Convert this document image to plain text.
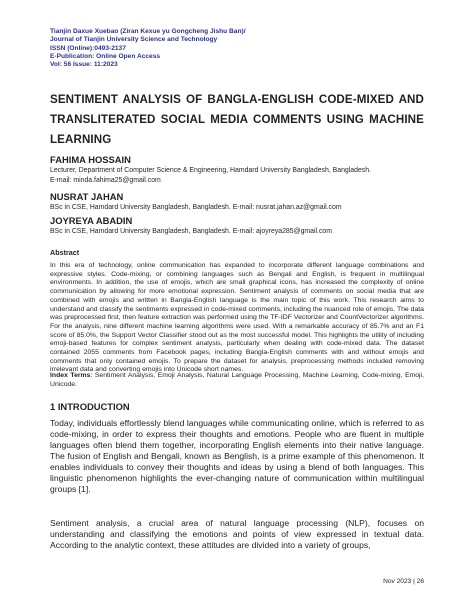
Tianjin Daxue Xuebao (Ziran Kexue yu Gongcheng Jishu Ban)/
Journal of Tianjin University Science and Technology
ISSN (Online):0493-2137
E-Publication: Online Open Access
Vol: 56 Issue: 11:2023
SENTIMENT ANALYSIS OF BANGLA-ENGLISH CODE-MIXED AND TRANSLITERATED SOCIAL MEDIA COMMENTS USING MACHINE LEARNING
FAHIMA HOSSAIN
Lecturer, Department of Computer Science & Engineering, Hamdard University Bangladesh, Bangladesh.
E-mail: minda.fahima25@gmail.com
NUSRAT JAHAN
BSc in CSE, Hamdard University Bangladesh, Bangladesh. E-mail: nusrat.jahan.az@gmail.com
JOYREYA ABADIN
BSc in CSE, Hamdard University Bangladesh, Bangladesh. E-mail: ajoyreya285@gmail.com
Abstract
In this era of technology, online communication has expanded to incorporate different language combinations and expressive styles. Code-mixing, or combining languages such as Bengali and English, is frequent in multilingual environments. In addition, the use of emojis, which are small graphical icons, has increased the complexity of online communication by allowing for more emotional expression. Sentiment analysis of comments on social media that are combined with emojis and written in Bangla-English language is the main topic of this work. This research aims to understand and classify the sentiments expressed in code-mixed comments, including the nuanced role of emojis. The data was preprocessed first, then feature extraction was performed using the TF-IDF Vectorizer and CountVectorizer algorithms. For the analysis, nine different machine learning algorithms were used. With a remarkable accuracy of 85.7% and an F1 score of 85.0%, the Support Vector Classifier stood out as the most successful model. This highlights the utility of including emoji-based features for complex sentiment analysis, particularly when dealing with code-mixed data. The dataset contained 2055 comments from Facebook pages, including Bangla-English comments with and without emojis and comments that only contained emojis. To prepare the dataset for analysis, preprocessing methods included removing irrelevant data and converting emojis into Unicode short names.
Index Terms: Sentiment Analysis, Emoji Analysis, Natural Language Processing, Machine Learning, Code-mixing, Emoji, Unicode.
1 INTRODUCTION
Today, individuals effortlessly blend languages while communicating online, which is referred to as code-mixing, in order to express their thoughts and emotions. People who are fluent in multiple languages often blend them together, incorporating English elements into their native language. The fusion of English and Bengali, known as Benglish, is a prime example of this phenomenon. It enables individuals to convey their thoughts and ideas by using a blend of both languages. This linguistic phenomenon highlights the ever-changing nature of communication within multilingual groups [1].
Sentiment analysis, a crucial area of natural language processing (NLP), focuses on understanding and classifying the emotions and points of view expressed in textual data. According to the analytic context, these attitudes are divided into a variety of groups,
Nov 2023 | 26
